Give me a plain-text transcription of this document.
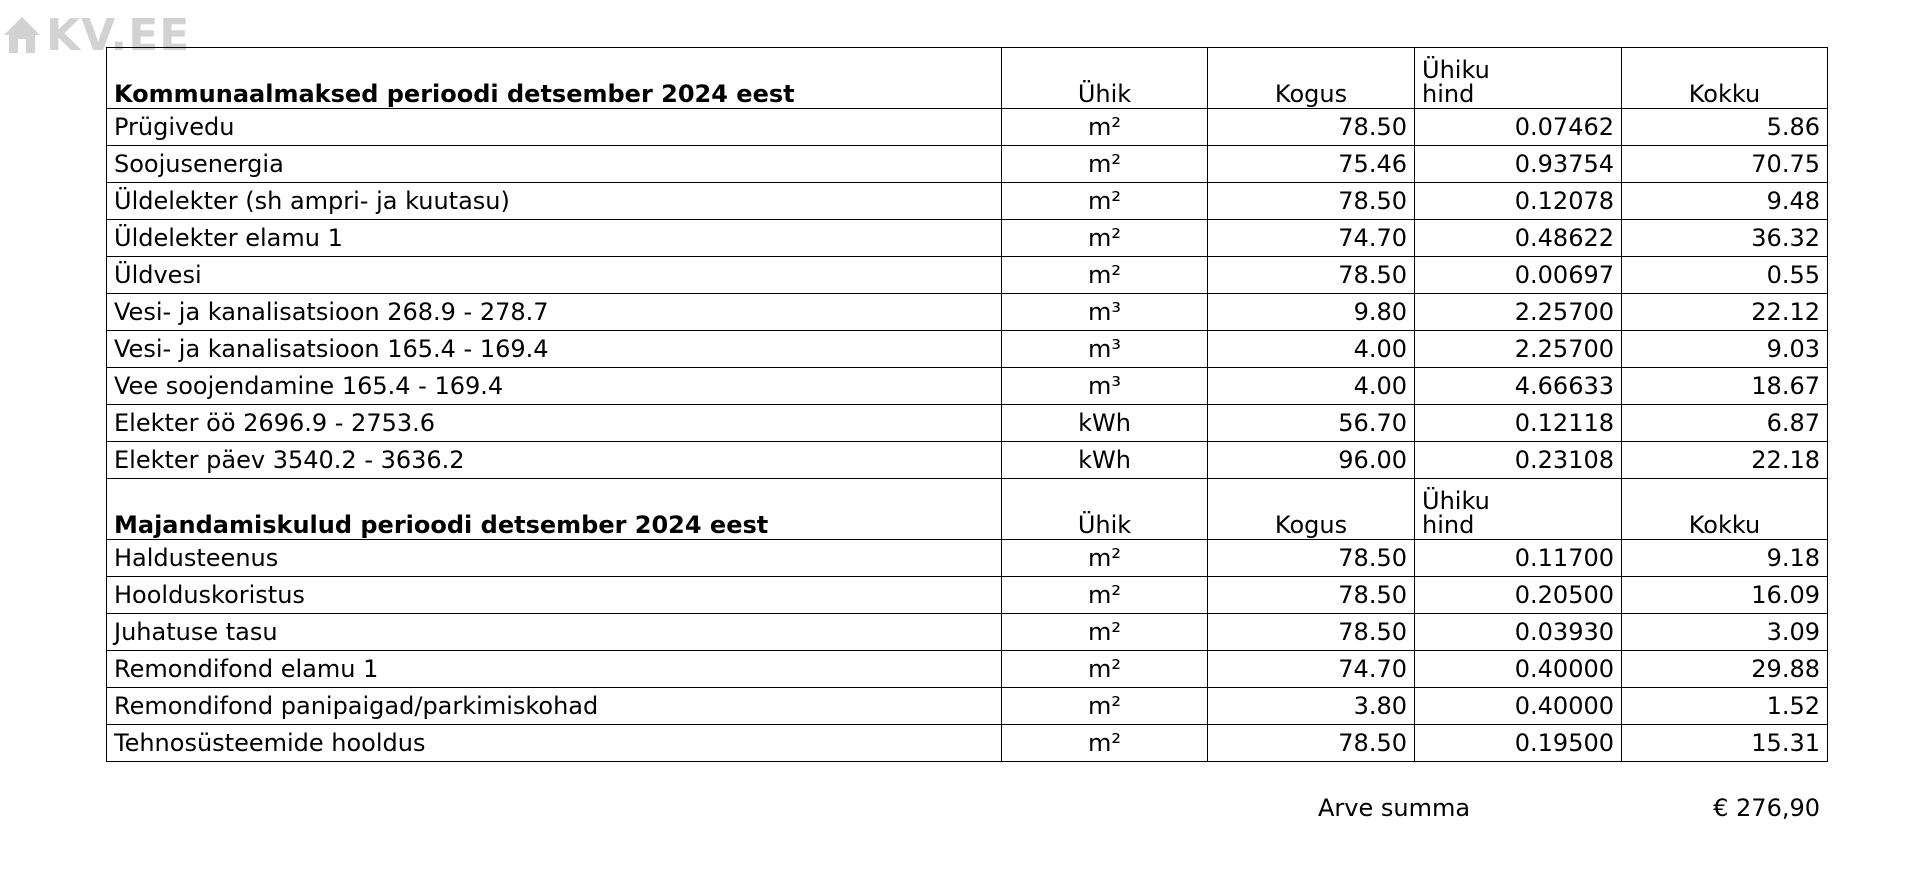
KV.EE
Kommunaalmaksed perioodi detsember 2024 eest	Ühik	Kogus	Ühiku
hind	Kokku
Prügivedu	m²	78.50	0.07462	5.86
Soojusenergia	m²	75.46	0.93754	70.75
Üldelekter (sh ampri- ja kuutasu)	m²	78.50	0.12078	9.48
Üldelekter elamu 1	m²	74.70	0.48622	36.32
Üldvesi	m²	78.50	0.00697	0.55
Vesi- ja kanalisatsioon 268.9 - 278.7	m³	9.80	2.25700	22.12
Vesi- ja kanalisatsioon 165.4 - 169.4	m³	4.00	2.25700	9.03
Vee soojendamine 165.4 - 169.4	m³	4.00	4.66633	18.67
Elekter öö 2696.9 - 2753.6	kWh	56.70	0.12118	6.87
Elekter päev 3540.2 - 3636.2	kWh	96.00	0.23108	22.18
Majandamiskulud perioodi detsember 2024 eest	Ühik	Kogus	Ühiku
hind	Kokku
Haldusteenus	m²	78.50	0.11700	9.18
Hoolduskoristus	m²	78.50	0.20500	16.09
Juhatuse tasu	m²	78.50	0.03930	3.09
Remondifond elamu 1	m²	74.70	0.40000	29.88
Remondifond panipaigad/parkimiskohad	m²	3.80	0.40000	1.52
Tehnosüsteemide hooldus	m²	78.50	0.19500	15.31
Arve summa	€ 276,90
